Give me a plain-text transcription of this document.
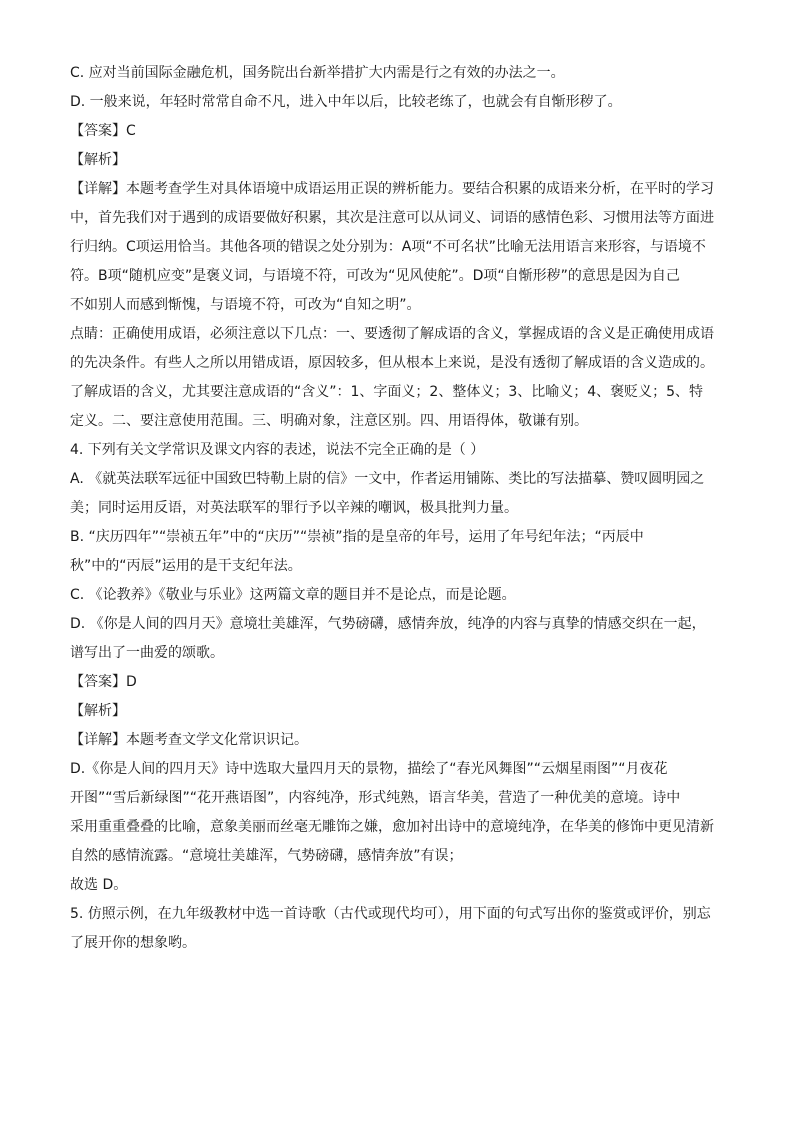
C. 应对当前国际金融危机，国务院出台新举措扩大内需是行之有效的办法之一。

D. 一般来说，年轻时常常自命不凡，进入中年以后，比较老练了，也就会有自惭形秽了。

【答案】C

【解析】

【详解】本题考查学生对具体语境中成语运用正误的辨析能力。要结合积累的成语来分析，在平时的学习

中，首先我们对于遇到的成语要做好积累，其次是注意可以从词义、词语的感情色彩、习惯用法等方面进

行归纳。C项运用恰当。其他各项的错误之处分别为：A项“不可名状”比喻无法用语言来形容，与语境不

符。B项“随机应变”是褒义词，与语境不符，可改为“见风使舵”。D项“自惭形秽”的意思是因为自己

不如别人而感到惭愧，与语境不符，可改为“自知之明”。

点睛：正确使用成语，必须注意以下几点：一、要透彻了解成语的含义，掌握成语的含义是正确使用成语

的先决条件。有些人之所以用错成语，原因较多，但从根本上来说，是没有透彻了解成语的含义造成的。

了解成语的含义，尤其要注意成语的“含义”：1、字面义；2、整体义；3、比喻义；4、褒贬义；5、特

定义。二、要注意使用范围。三、明确对象，注意区别。四、用语得体，敬谦有别。

4. 下列有关文学常识及课文内容的表述，说法不完全正确的是（ ）

A. 《就英法联军远征中国致巴特勒上尉的信》一文中，作者运用铺陈、类比的写法描摹、赞叹圆明园之

美；同时运用反语，对英法联军的罪行予以辛辣的嘲讽，极具批判力量。

B. “庆历四年”“崇祯五年”中的“庆历”“崇祯”指的是皇帝的年号，运用了年号纪年法；“丙辰中

秋”中的“丙辰”运用的是干支纪年法。

C. 《论教养》《敬业与乐业》这两篇文章的题目并不是论点，而是论题。

D. 《你是人间的四月天》意境壮美雄浑，气势磅礴，感情奔放，纯净的内容与真挚的情感交织在一起，

谱写出了一曲爱的颂歌。

【答案】D

【解析】

【详解】本题考查文学文化常识识记。

D.《你是人间的四月天》诗中选取大量四月天的景物，描绘了“春光风舞图”“云烟星雨图”“月夜花

开图”“雪后新绿图”“花开燕语图”，内容纯净，形式纯熟，语言华美，营造了一种优美的意境。诗中

采用重重叠叠的比喻，意象美丽而丝毫无雕饰之嫌，愈加衬出诗中的意境纯净，在华美的修饰中更见清新

自然的感情流露。“意境壮美雄浑，气势磅礴，感情奔放”有误；

故选 D。

5. 仿照示例，在九年级教材中选一首诗歌（古代或现代均可），用下面的句式写出你的鉴赏或评价，别忘

了展开你的想象哟。
